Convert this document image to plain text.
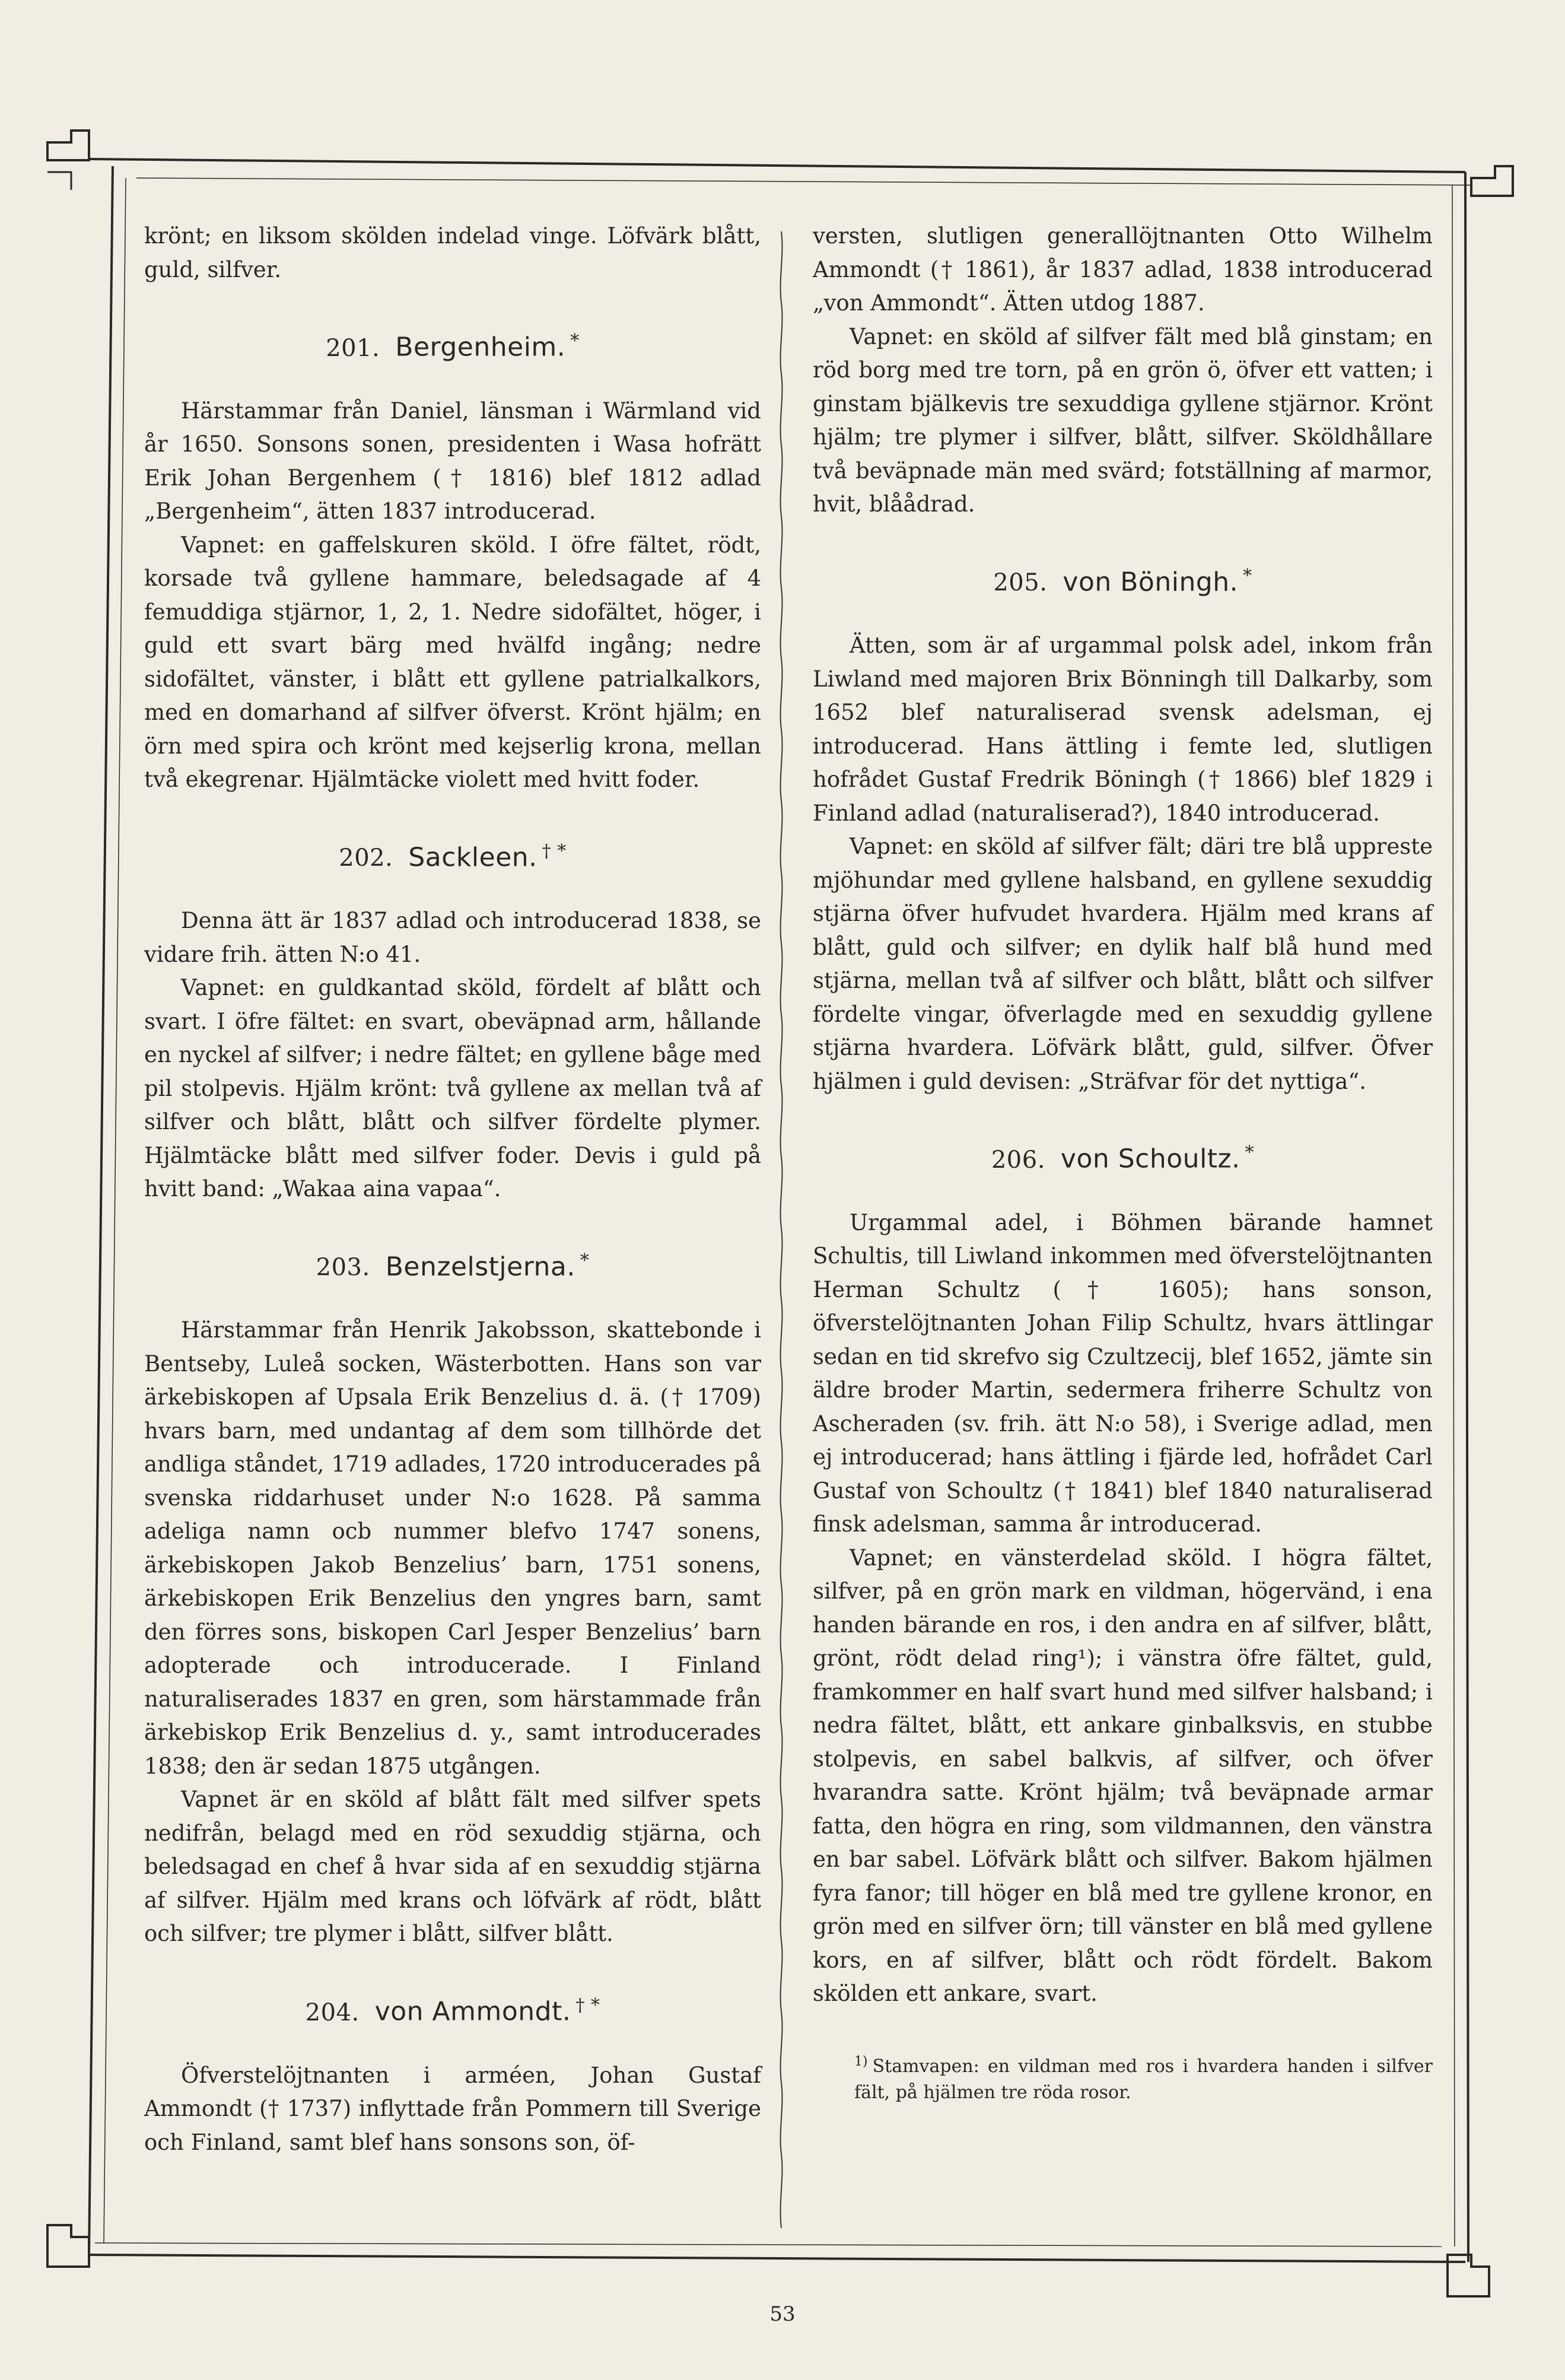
krönt; en liksom skölden indelad vinge. Löfvärk blått, guld, silfver.

201. Bergenheim. *

Härstammar från Daniel, länsman i Wärmland vid år 1650. Sonsons sonen, presidenten i Wasa hofrätt Erik Johan Bergenhem († 1816) blef 1812 adlad „Bergenheim“, ätten 1837 introducerad.

Vapnet: en gaffelskuren sköld. I öfre fältet, rödt, korsade två gyllene hammare, beledsagade af 4 femuddiga stjärnor, 1, 2, 1. Nedre sidofältet, höger, i guld ett svart bärg med hvälfd ingång; nedre sidofältet, vänster, i blått ett gyllene patrialkalkors, med en domarhand af silfver öfverst. Krönt hjälm; en örn med spira och krönt med kejserlig krona, mellan två ekegrenar. Hjälmtäcke violett med hvitt foder.

202. Sackleen. † *

Denna ätt är 1837 adlad och introducerad 1838, se vidare frih. ätten N:o 41.

Vapnet: en guldkantad sköld, fördelt af blått och svart. I öfre fältet: en svart, obeväpnad arm, hållande en nyckel af silfver; i nedre fältet; en gyllene båge med pil stolpevis. Hjälm krönt: två gyllene ax mellan två af silfver och blått, blått och silfver fördelte plymer. Hjälmtäcke blått med silfver foder. Devis i guld på hvitt band: „Wakaa aina vapaa“.

203. Benzelstjerna. *

Härstammar från Henrik Jakobsson, skattebonde i Bentseby, Luleå socken, Wästerbotten. Hans son var ärkebiskopen af Upsala Erik Benzelius d. ä. († 1709) hvars barn, med undantag af dem som tillhörde det andliga ståndet, 1719 adlades, 1720 introducerades på svenska riddarhuset under N:o 1628. På samma adeliga namn ocb nummer blefvo 1747 sonens, ärkebiskopen Jakob Benzelius’ barn, 1751 sonens, ärkebiskopen Erik Benzelius den yngres barn, samt den förres sons, biskopen Carl Jesper Benzelius’ barn adopterade och introducerade. I Finland naturaliserades 1837 en gren, som härstammade från ärkebiskop Erik Benzelius d. y., samt introducerades 1838; den är sedan 1875 utgången.

Vapnet är en sköld af blått fält med silfver spets nedifrån, belagd med en röd sexuddig stjärna, och beledsagad en chef å hvar sida af en sexuddig stjärna af silfver. Hjälm med krans och löfvärk af rödt, blått och silfver; tre plymer i blått, silfver blått.

204. von Ammondt. † *

Öfverstelöjtnanten i arméen, Johan Gustaf Ammondt († 1737) inflyttade från Pommern till Sverige och Finland, samt blef hans sonsons son, öf-

versten, slutligen generallöjtnanten Otto Wilhelm Ammondt († 1861), år 1837 adlad, 1838 introducerad „von Ammondt“. Ätten utdog 1887.

Vapnet: en sköld af silfver fält med blå ginstam; en röd borg med tre torn, på en grön ö, öfver ett vatten; i ginstam bjälkevis tre sexuddiga gyllene stjärnor. Krönt hjälm; tre plymer i silfver, blått, silfver. Sköldhållare två beväpnade män med svärd; fotställning af marmor, hvit, blåådrad.

205. von Böningh. *

Ätten, som är af urgammal polsk adel, inkom från Liwland med majoren Brix Bönningh till Dalkarby, som 1652 blef naturaliserad svensk adelsman, ej introducerad. Hans ättling i femte led, slutligen hofrådet Gustaf Fredrik Böningh († 1866) blef 1829 i Finland adlad (naturaliserad?), 1840 introducerad.

Vapnet: en sköld af silfver fält; däri tre blå uppreste mjöhundar med gyllene halsband, en gyllene sexuddig stjärna öfver hufvudet hvardera. Hjälm med krans af blått, guld och silfver; en dylik half blå hund med stjärna, mellan två af silfver och blått, blått och silfver fördelte vingar, öfverlagde med en sexuddig gyllene stjärna hvardera. Löfvärk blått, guld, silfver. Öfver hjälmen i guld devisen: „Sträfvar för det nyttiga“.

206. von Schoultz. *

Urgammal adel, i Böhmen bärande hamnet Schultis, till Liwland inkommen med öfverstelöjtnanten Herman Schultz († 1605); hans sonson, öfverstelöjtnanten Johan Filip Schultz, hvars ättlingar sedan en tid skrefvo sig Czultzecij, blef 1652, jämte sin äldre broder Martin, sedermera friherre Schultz von Ascheraden (sv. frih. ätt N:o 58), i Sverige adlad, men ej introducerad; hans ättling i fjärde led, hofrådet Carl Gustaf von Schoultz († 1841) blef 1840 naturaliserad finsk adelsman, samma år introducerad.

Vapnet; en vänsterdelad sköld. I högra fältet, silfver, på en grön mark en vildman, högervänd, i ena handen bärande en ros, i den andra en af silfver, blått, grönt, rödt delad ring¹); i vänstra öfre fältet, guld, framkommer en half svart hund med silfver halsband; i nedra fältet, blått, ett ankare ginbalksvis, en stubbe stolpevis, en sabel balkvis, af silfver, och öfver hvarandra satte. Krönt hjälm; två beväpnade armar fatta, den högra en ring, som vildmannen, den vänstra en bar sabel. Löfvärk blått och silfver. Bakom hjälmen fyra fanor; till höger en blå med tre gyllene kronor, en grön med en silfver örn; till vänster en blå med gyllene kors, en af silfver, blått och rödt fördelt. Bakom skölden ett ankare, svart.

$^{1)}$ Stamvapen: en vildman med ros i hvardera handen i silfver fält, på hjälmen tre röda rosor.
53
